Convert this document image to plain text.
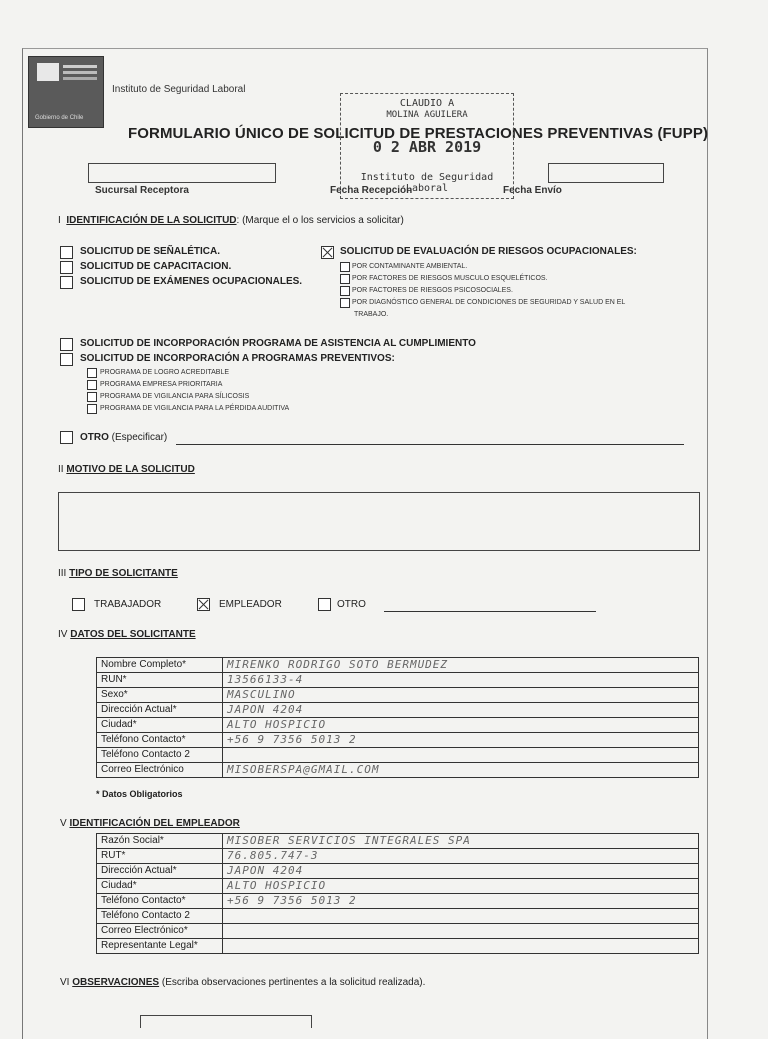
Gobierno de Chile
Instituto de Seguridad Laboral
FORMULARIO ÚNICO DE SOLICITUD DE PRESTACIONES PREVENTIVAS (FUPP)
CLAUDIO A
MOLINA AGUILERA
0 2 ABR 2019
Instituto de Seguridad Laboral
Sucursal Receptora	Fecha Recepción	Fecha Envío
I IDENTIFICACIÓN DE LA SOLICITUD: (Marque el o los servicios a solicitar)
SOLICITUD DE SEÑALÉTICA.
SOLICITUD DE CAPACITACION.
SOLICITUD DE EXÁMENES OCUPACIONALES.
SOLICITUD DE EVALUACIÓN DE RIESGOS OCUPACIONALES:
POR CONTAMINANTE AMBIENTAL.
POR FACTORES DE RIESGOS MUSCULO ESQUELÉTICOS.
POR FACTORES DE RIESGOS PSICOSOCIALES.
POR DIAGNÓSTICO GENERAL DE CONDICIONES DE SEGURIDAD Y SALUD EN EL
TRABAJO.
SOLICITUD DE INCORPORACIÓN PROGRAMA DE ASISTENCIA AL CUMPLIMIENTO
SOLICITUD DE INCORPORACIÓN A PROGRAMAS PREVENTIVOS:
PROGRAMA DE LOGRO ACREDITABLE
PROGRAMA EMPRESA PRIORITARIA
PROGRAMA DE VIGILANCIA PARA SÍLICOSIS
PROGRAMA DE VIGILANCIA PARA LA PÉRDIDA AUDITIVA
OTRO (Especificar)
II MOTIVO DE LA SOLICITUD
III TIPO DE SOLICITANTE
TRABAJADOR	EMPLEADOR	OTRO
IV DATOS DEL SOLICITANTE
Nombre Completo*	MIRENKO RODRIGO SOTO BERMUDEZ
RUN*	13566133-4
Sexo*	MASCULINO
Dirección Actual*	JAPON 4204
Ciudad*	ALTO HOSPICIO
Teléfono Contacto*	+56 9 7356 5013 2
Teléfono Contacto 2	
Correo Electrónico	MISOBERSPA@GMAIL.COM
* Datos Obligatorios
V IDENTIFICACIÓN DEL EMPLEADOR
Razón Social*	MISOBER SERVICIOS INTEGRALES SPA
RUT*	76.805.747-3
Dirección Actual*	JAPON 4204
Ciudad*	ALTO HOSPICIO
Teléfono Contacto*	+56 9 7356 5013 2
Teléfono Contacto 2	
Correo Electrónico*	
Representante Legal*	
VI OBSERVACIONES (Escriba observaciones pertinentes a la solicitud realizada).
